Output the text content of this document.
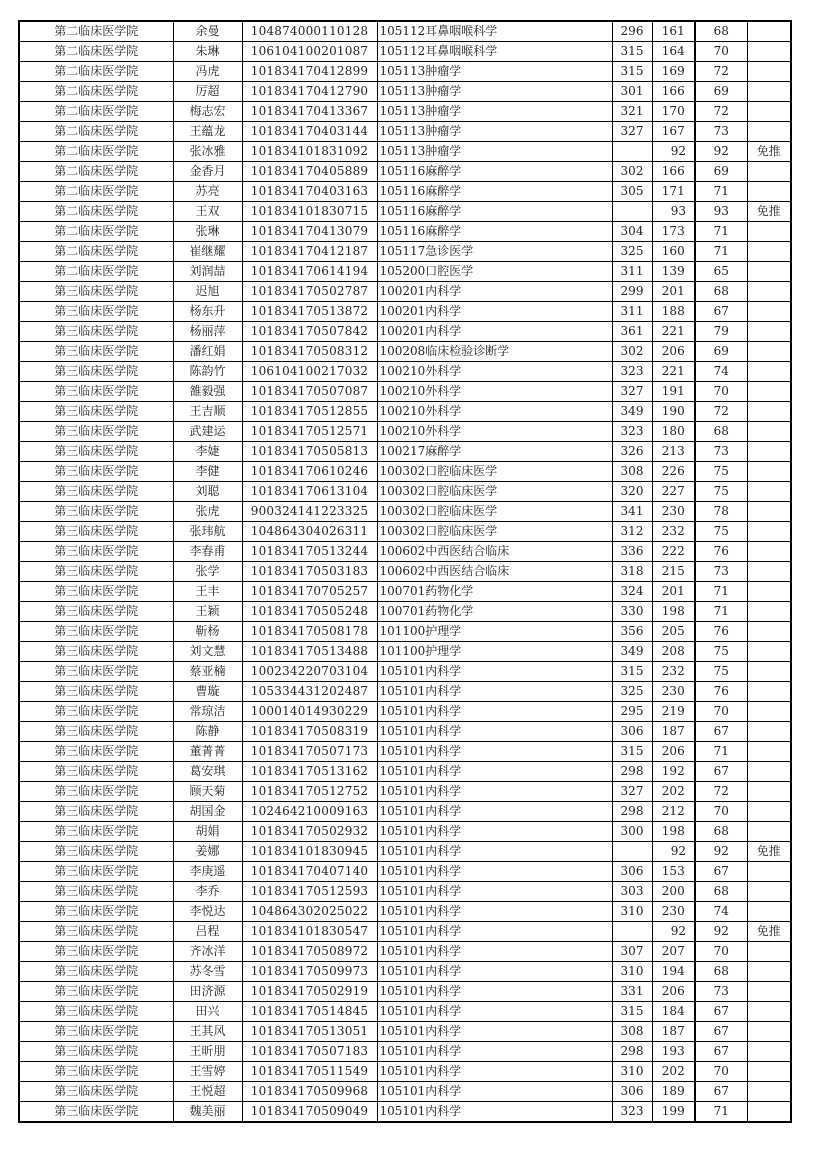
第二临床医学院	余曼	104874000110128	105112耳鼻咽喉科学	296	161	68	
第二临床医学院	朱琳	106104100201087	105112耳鼻咽喉科学	315	164	70	
第二临床医学院	冯虎	101834170412899	105113肿瘤学	315	169	72	
第二临床医学院	厉超	101834170412790	105113肿瘤学	301	166	69	
第二临床医学院	梅志宏	101834170413367	105113肿瘤学	321	170	72	
第二临床医学院	王蕴龙	101834170403144	105113肿瘤学	327	167	73	
第二临床医学院	张冰雅	101834101831092	105113肿瘤学		92	92	免推
第二临床医学院	金香月	101834170405889	105116麻醉学	302	166	69	
第二临床医学院	苏亮	101834170403163	105116麻醉学	305	171	71	
第二临床医学院	王双	101834101830715	105116麻醉学		93	93	免推
第二临床医学院	张琳	101834170413079	105116麻醉学	304	173	71	
第二临床医学院	崔继耀	101834170412187	105117急诊医学	325	160	71	
第二临床医学院	刘润喆	101834170614194	105200口腔医学	311	139	65	
第三临床医学院	迟旭	101834170502787	100201内科学	299	201	68	
第三临床医学院	杨东升	101834170513872	100201内科学	311	188	67	
第三临床医学院	杨丽萍	101834170507842	100201内科学	361	221	79	
第三临床医学院	潘红娟	101834170508312	100208临床检验诊断学	302	206	69	
第三临床医学院	陈韵竹	106104100217032	100210外科学	323	221	74	
第三临床医学院	雒毅强	101834170507087	100210外科学	327	191	70	
第三临床医学院	王吉顺	101834170512855	100210外科学	349	190	72	
第三临床医学院	武建运	101834170512571	100210外科学	323	180	68	
第三临床医学院	李婕	101834170505813	100217麻醉学	326	213	73	
第三临床医学院	李健	101834170610246	100302口腔临床医学	308	226	75	
第三临床医学院	刘聪	101834170613104	100302口腔临床医学	320	227	75	
第三临床医学院	张虎	900324141223325	100302口腔临床医学	341	230	78	
第三临床医学院	张玮航	104864304026311	100302口腔临床医学	312	232	75	
第三临床医学院	李春甫	101834170513244	100602中西医结合临床	336	222	76	
第三临床医学院	张学	101834170503183	100602中西医结合临床	318	215	73	
第三临床医学院	王丰	101834170705257	100701药物化学	324	201	71	
第三临床医学院	王颖	101834170505248	100701药物化学	330	198	71	
第三临床医学院	靳杨	101834170508178	101100护理学	356	205	76	
第三临床医学院	刘文慧	101834170513488	101100护理学	349	208	75	
第三临床医学院	蔡亚楠	100234220703104	105101内科学	315	232	75	
第三临床医学院	曹璇	105334431202487	105101内科学	325	230	76	
第三临床医学院	常琼洁	100014014930229	105101内科学	295	219	70	
第三临床医学院	陈静	101834170508319	105101内科学	306	187	67	
第三临床医学院	董菁菁	101834170507173	105101内科学	315	206	71	
第三临床医学院	葛安琪	101834170513162	105101内科学	298	192	67	
第三临床医学院	顾天菊	101834170512752	105101内科学	327	202	72	
第三临床医学院	胡国金	102464210009163	105101内科学	298	212	70	
第三临床医学院	胡娟	101834170502932	105101内科学	300	198	68	
第三临床医学院	姜娜	101834101830945	105101内科学		92	92	免推
第三临床医学院	李庚遥	101834170407140	105101内科学	306	153	67	
第三临床医学院	李乔	101834170512593	105101内科学	303	200	68	
第三临床医学院	李悦达	104864302025022	105101内科学	310	230	74	
第三临床医学院	吕程	101834101830547	105101内科学		92	92	免推
第三临床医学院	齐冰洋	101834170508972	105101内科学	307	207	70	
第三临床医学院	苏冬雪	101834170509973	105101内科学	310	194	68	
第三临床医学院	田济源	101834170502919	105101内科学	331	206	73	
第三临床医学院	田兴	101834170514845	105101内科学	315	184	67	
第三临床医学院	王其风	101834170513051	105101内科学	308	187	67	
第三临床医学院	王昕朋	101834170507183	105101内科学	298	193	67	
第三临床医学院	王雪婷	101834170511549	105101内科学	310	202	70	
第三临床医学院	王悦超	101834170509968	105101内科学	306	189	67	
第三临床医学院	魏美丽	101834170509049	105101内科学	323	199	71	
